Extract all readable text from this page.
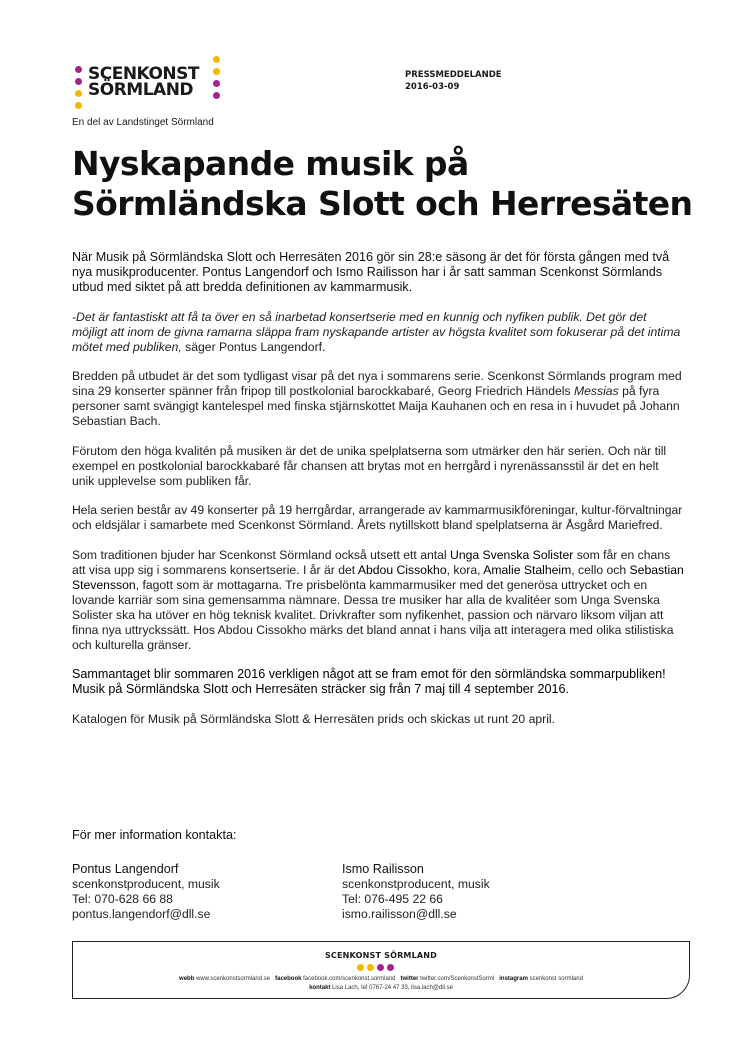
SCENKONST
SÖRMLAND
En del av Landstinget Sörmland
PRESSMEDDELANDE
2016-03-09
Nyskapande musik på
Sörmländska Slott och Herresäten

När Musik på Sörmländska Slott och Herresäten 2016 gör sin 28:e säsong är det för första gången med två nya musikproducenter. Pontus Langendorf och Ismo Railisson har i år satt samman Scenkonst Sörmlands utbud med siktet på att bredda definitionen av kammarmusik.

-Det är fantastiskt att få ta över en så inarbetad konsertserie med en kunnig och nyfiken publik. Det gör det möjligt att inom de givna ramarna släppa fram nyskapande artister av högsta kvalitet som fokuserar på det intima mötet med publiken, säger Pontus Langendorf.

Bredden på utbudet är det som tydligast visar på det nya i sommarens serie. Scenkonst Sörmlands program med sina 29 konserter spänner från fripop till postkolonial barockkabaré, Georg Friedrich Händels Messias på fyra personer samt svängigt kantelespel med finska stjärnskottet Maija Kauhanen och en resa in i huvudet på Johann Sebastian Bach.

Förutom den höga kvalitén på musiken är det de unika spelplatserna som utmärker den här serien. Och när till exempel en postkolonial barockkabaré får chansen att brytas mot en herrgård i nyrenässansstil är det en helt unik upplevelse som publiken får.

Hela serien består av 49 konserter på 19 herrgårdar, arrangerade av kammarmusikföreningar, kultur-förvaltningar och eldsjälar i samarbete med Scenkonst Sörmland. Årets nytillskott bland spelplatserna är Åsgård Mariefred.

Som traditionen bjuder har Scenkonst Sörmland också utsett ett antal Unga Svenska Solister som får en chans att visa upp sig i sommarens konsertserie. I år är det Abdou Cissokho, kora, Amalie Stalheim, cello och Sebastian Stevensson, fagott som är mottagarna. Tre prisbelönta kammarmusiker med det generösa uttrycket och en lovande karriär som sina gemensamma nämnare. Dessa tre musiker har alla de kvalitéer som Unga Svenska Solister ska ha utöver en hög teknisk kvalitet. Drivkrafter som nyfikenhet, passion och närvaro liksom viljan att finna nya uttryckssätt. Hos Abdou Cissokho märks det bland annat i hans vilja att interagera med olika stilistiska och kulturella gränser.

Sammantaget blir sommaren 2016 verkligen något att se fram emot för den sörmländska sommarpubliken!
Musik på Sörmländska Slott och Herresäten sträcker sig från 7 maj till 4 september 2016.

Katalogen för Musik på Sörmländska Slott & Herresäten prids och skickas ut runt 20 april.

För mer information kontakta:
Pontus Langendorf
scenkonstproducent, musik
Tel: 070-628 66 88
pontus.langendorf@dll.se
Ismo Railisson
scenkonstproducent, musik
Tel: 076-495 22 66
ismo.railisson@dll.se
SCENKONST SÖRMLAND
webb www.scenkonstsormland.se facebook facebook.com/scenkonst.sormland twitter twitter.com/ScenkonstSorml instagram scenkonst sormland
kontakt Lisa Lach, tel 0767-24 47 33, lisa.lach@dll.se
